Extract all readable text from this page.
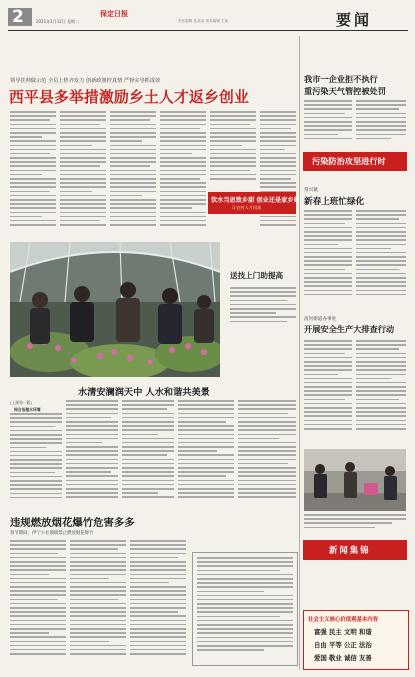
2	保定日报
2021年1月12日 星期二	责任编辑 张某某 美术编辑 王某	要闻
领导挂帅做示范 全员上阵齐发力 创新政策控真情 严督实导抓成效
西平县多举措激励乡土人才返乡创业
饮水当思致乡甜 创业还是家乡好
让农村人才回流
送技上门助提高
水清安澜润天中 人水和谐共美景
(上接第一版)
综合治理水环境
违规燃放烟花爆竹危害多多
春节期间，伊宁公社城镇禁止燃放烟花爆竹
我市一企业拒不执行
重污染天气管控被处罚
污染防治攻坚进行时
常兴镇
新春上班忙绿化
清河街道办事处
开展安全生产大排查行动
新闻集锦
社会主义核心价值观基本内容
富强 民主 文明 和谐
自由 平等 公正 法治
爱国 敬业 诚信 友善
